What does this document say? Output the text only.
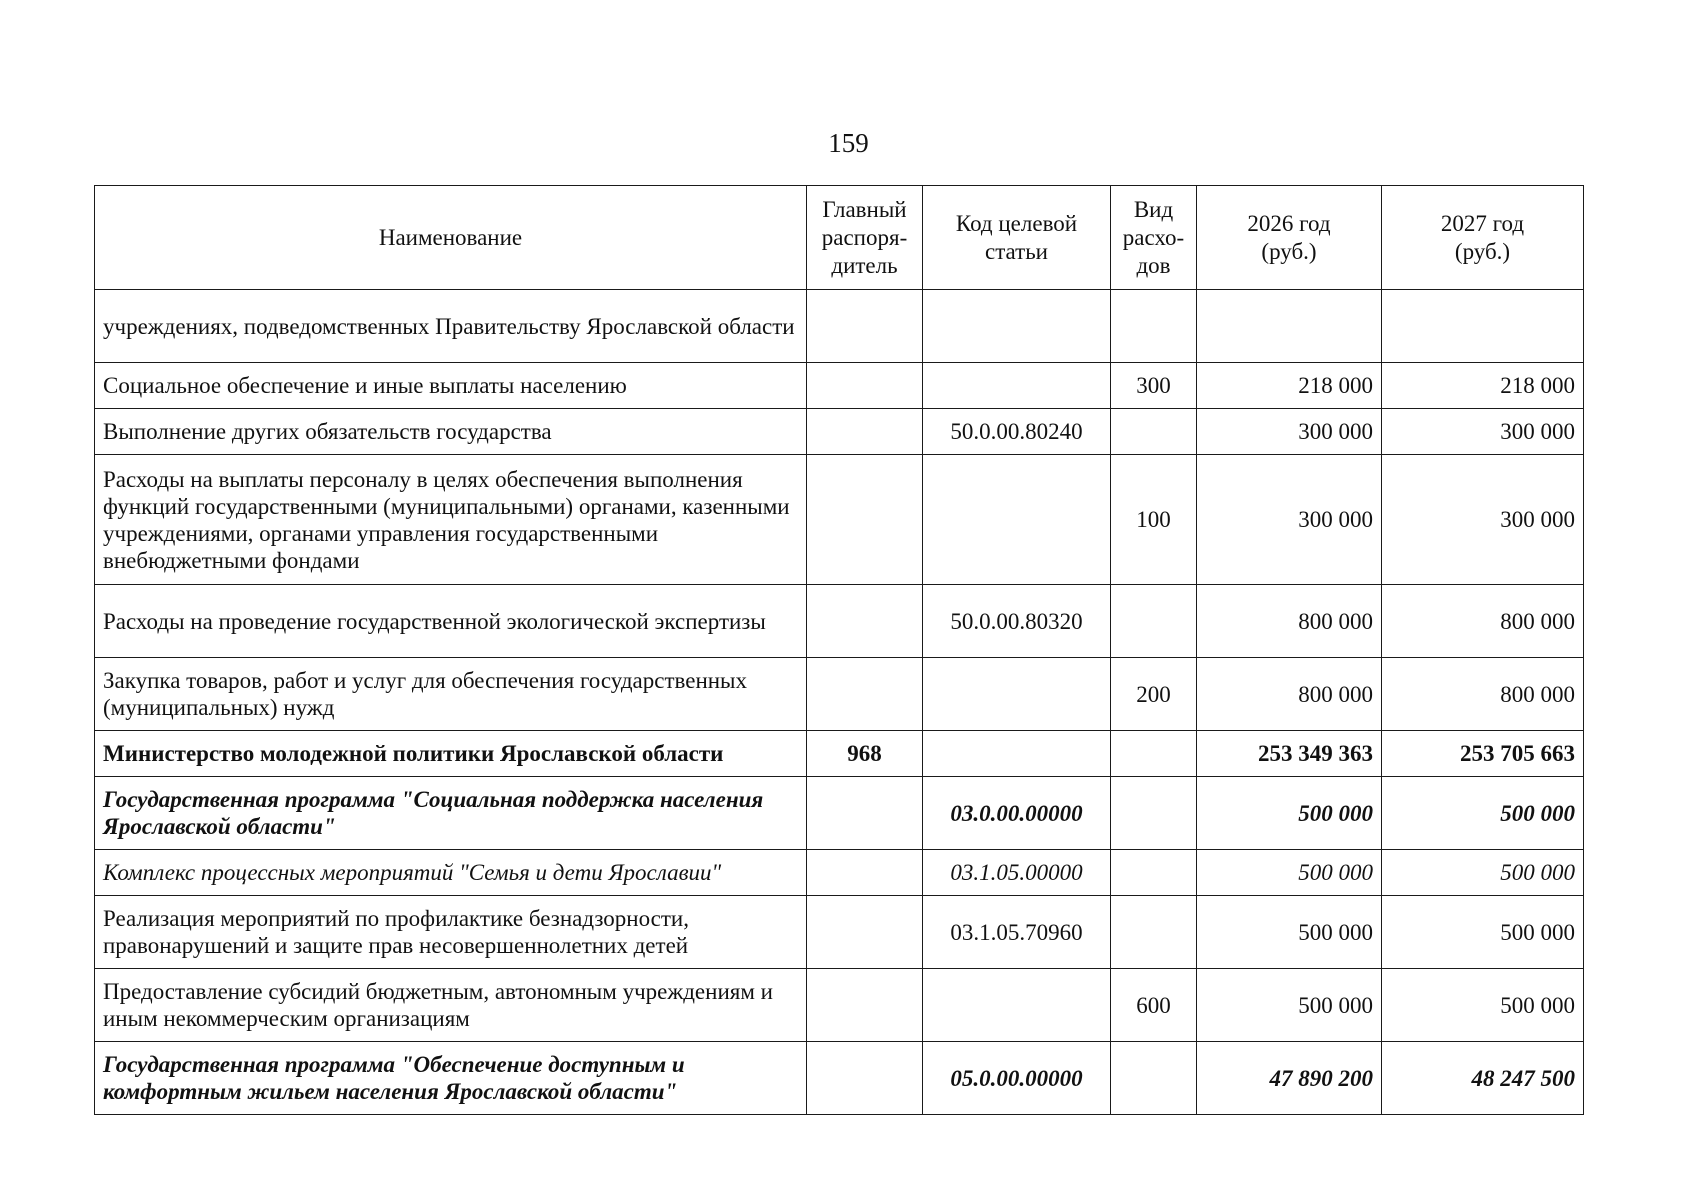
159
Наименование	Главный
распоря-
дитель	Код целевой
статьи	Вид
расхо-
дов	2026 год
(руб.)	2027 год
(руб.)
учреждениях, подведомственных Правительству Ярославской области					
Социальное обеспечение и иные выплаты населению			300	218 000	218 000
Выполнение других обязательств государства		50.0.00.80240		300 000	300 000
Расходы на выплаты персоналу в целях обеспечения выполнения функций государственными (муниципальными) органами, казенными учреждениями, органами управления государственными внебюджетными фондами			100	300 000	300 000
Расходы на проведение государственной экологической экспертизы		50.0.00.80320		800 000	800 000
Закупка товаров, работ и услуг для обеспечения государственных (муниципальных) нужд			200	800 000	800 000
Министерство молодежной политики Ярославской области	968			253 349 363	253 705 663
Государственная программа "Социальная поддержка населения Ярославской области"		03.0.00.00000		500 000	500 000
Комплекс процессных мероприятий "Семья и дети Ярославии"		03.1.05.00000		500 000	500 000
Реализация мероприятий по профилактике безнадзорности, правонарушений и защите прав несовершеннолетних детей		03.1.05.70960		500 000	500 000
Предоставление субсидий бюджетным, автономным учреждениям и иным некоммерческим организациям			600	500 000	500 000
Государственная программа "Обеспечение доступным и комфортным жильем населения Ярославской области"		05.0.00.00000		47 890 200	48 247 500
